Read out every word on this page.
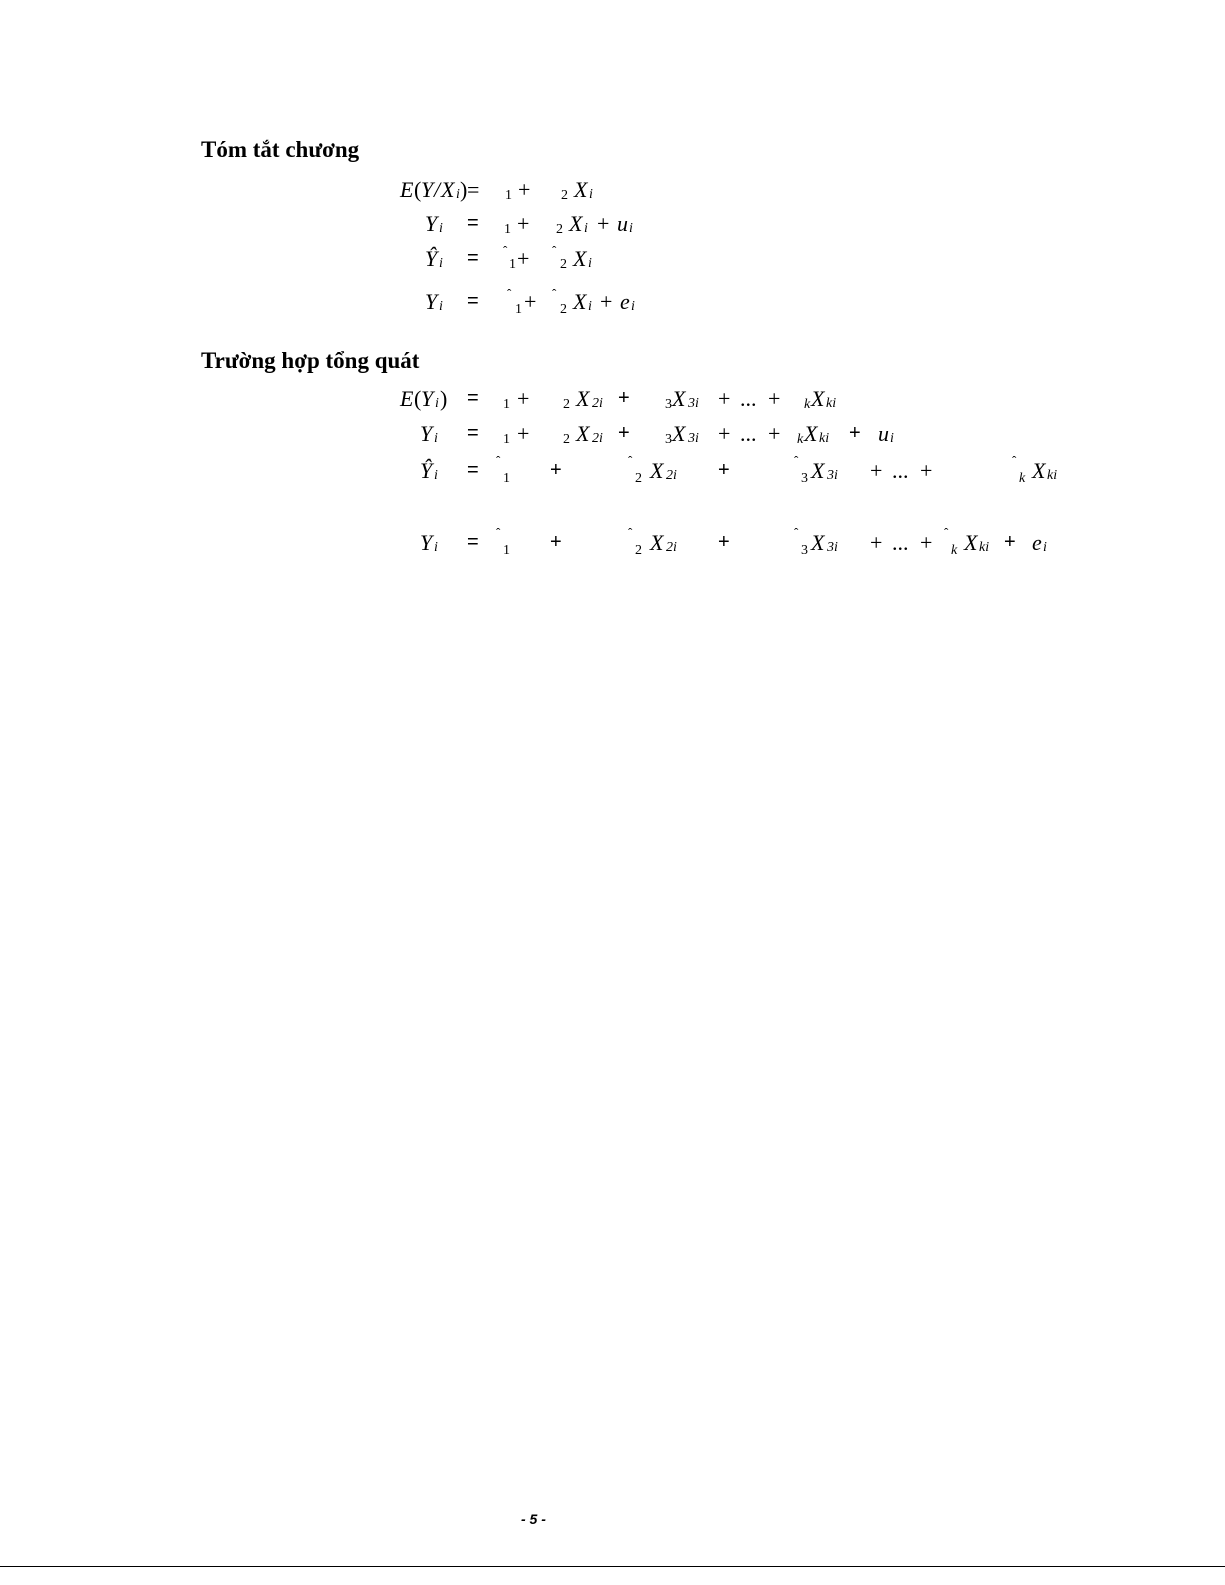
Tóm tắt chương
E ( Y / X i ) = 1 + 2 X i
Y i = 1 + 2 X i + u i
Ŷ i = ˆ
1 + ˆ
2 X i
Y i = ˆ
1 + ˆ
2 X i + e i
Trường hợp tổng quát
E ( Y i ) = 1 + 2 X 2i +	3 X 3i + ... + k X ki
Y i = 1 + 2 X 2i +	3 X 3i + ... + k X ki + u i
Ŷ i = ˆ
1 +	ˆ
2 X 2i +	ˆ
3 X 3i + ... +	ˆ
k X ki
Y i = ˆ
1 +	ˆ
2 X 2i +	ˆ
3 X 3i + ... + ˆ
k X ki + e i
- 5 -
